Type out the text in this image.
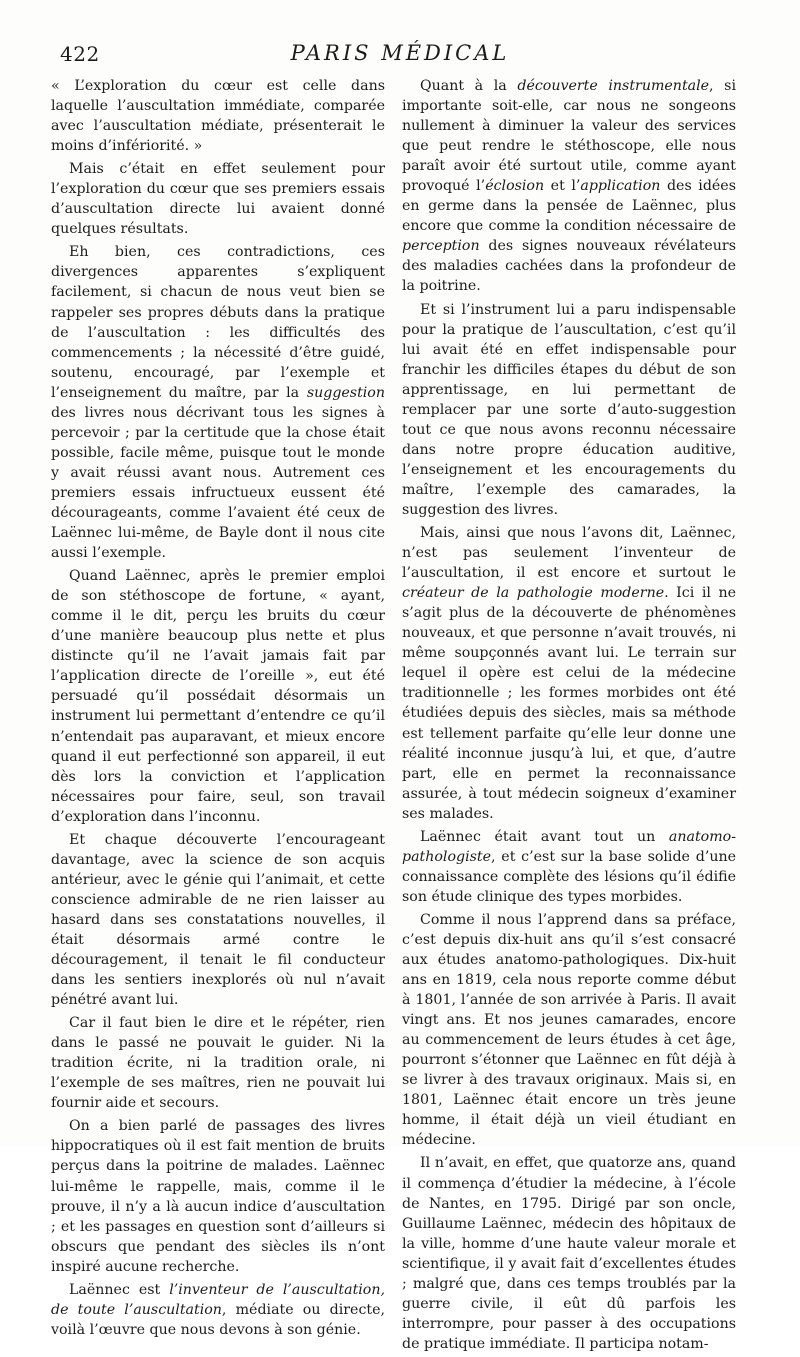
422	PARIS MÉDICAL

« L’exploration du cœur est celle dans laquelle l’auscultation immédiate, comparée avec l’auscultation médiate, présenterait le moins d’infériorité. »

Mais c’était en effet seulement pour l’exploration du cœur que ses premiers essais d’auscultation directe lui avaient donné quelques résultats.

Eh bien, ces contradictions, ces divergences apparentes s’expliquent facilement, si chacun de nous veut bien se rappeler ses propres débuts dans la pratique de l’auscultation : les difficultés des commencements ; la nécessité d’être guidé, soutenu, encouragé, par l’exemple et l’enseignement du maître, par la suggestion des livres nous décrivant tous les signes à percevoir ; par la certitude que la chose était possible, facile même, puisque tout le monde y avait réussi avant nous. Autrement ces premiers essais infructueux eussent été décourageants, comme l’avaient été ceux de Laënnec lui-même, de Bayle dont il nous cite aussi l’exemple.

Quand Laënnec, après le premier emploi de son stéthoscope de fortune, « ayant, comme il le dit, perçu les bruits du cœur d’une manière beaucoup plus nette et plus distincte qu’il ne l’avait jamais fait par l’application directe de l’oreille », eut été persuadé qu’il possédait désormais un instrument lui permettant d’entendre ce qu’il n’entendait pas auparavant, et mieux encore quand il eut perfectionné son appareil, il eut dès lors la conviction et l’application nécessaires pour faire, seul, son travail d’exploration dans l’inconnu.

Et chaque découverte l’encourageant davantage, avec la science de son acquis antérieur, avec le génie qui l’animait, et cette conscience admirable de ne rien laisser au hasard dans ses constatations nouvelles, il était désormais armé contre le découragement, il tenait le fil conducteur dans les sentiers inexplorés où nul n’avait pénétré avant lui.

Car il faut bien le dire et le répéter, rien dans le passé ne pouvait le guider. Ni la tradition écrite, ni la tradition orale, ni l’exemple de ses maîtres, rien ne pouvait lui fournir aide et secours.

On a bien parlé de passages des livres hippocratiques où il est fait mention de bruits perçus dans la poitrine de malades. Laënnec lui-même le rappelle, mais, comme il le prouve, il n’y a là aucun indice d’auscultation ; et les passages en question sont d’ailleurs si obscurs que pendant des siècles ils n’ont inspiré aucune recherche.

Laënnec est l’inventeur de l’auscultation, de toute l’auscultation, médiate ou directe, voilà l’œuvre que nous devons à son génie.

Quant à la découverte instrumentale, si importante soit-elle, car nous ne songeons nullement à diminuer la valeur des services que peut rendre le stéthoscope, elle nous paraît avoir été surtout utile, comme ayant provoqué l’éclosion et l’application des idées en germe dans la pensée de Laënnec, plus encore que comme la condition nécessaire de perception des signes nouveaux révélateurs des maladies cachées dans la profondeur de la poitrine.

Et si l’instrument lui a paru indispensable pour la pratique de l’auscultation, c’est qu’il lui avait été en effet indispensable pour franchir les difficiles étapes du début de son apprentissage, en lui permettant de remplacer par une sorte d’auto-suggestion tout ce que nous avons reconnu nécessaire dans notre propre éducation auditive, l’enseignement et les encouragements du maître, l’exemple des camarades, la suggestion des livres.

Mais, ainsi que nous l’avons dit, Laënnec, n’est pas seulement l’inventeur de l’auscultation, il est encore et surtout le créateur de la pathologie moderne. Ici il ne s’agit plus de la découverte de phénomènes nouveaux, et que personne n’avait trouvés, ni même soupçonnés avant lui. Le terrain sur lequel il opère est celui de la médecine traditionnelle ; les formes morbides ont été étudiées depuis des siècles, mais sa méthode est tellement parfaite qu’elle leur donne une réalité inconnue jusqu’à lui, et que, d’autre part, elle en permet la reconnaissance assurée, à tout médecin soigneux d’examiner ses malades.

Laënnec était avant tout un anatomo-pathologiste, et c’est sur la base solide d’une connaissance complète des lésions qu’il édifie son étude clinique des types morbides.

Comme il nous l’apprend dans sa préface, c’est depuis dix-huit ans qu’il s’est consacré aux études anatomo-pathologiques. Dix-huit ans en 1819, cela nous reporte comme début à 1801, l’année de son arrivée à Paris. Il avait vingt ans. Et nos jeunes camarades, encore au commencement de leurs études à cet âge, pourront s’étonner que Laënnec en fût déjà à se livrer à des travaux originaux. Mais si, en 1801, Laënnec était encore un très jeune homme, il était déjà un vieil étudiant en médecine.

Il n’avait, en effet, que quatorze ans, quand il commença d’étudier la médecine, à l’école de Nantes, en 1795. Dirigé par son oncle, Guillaume Laënnec, médecin des hôpitaux de la ville, homme d’une haute valeur morale et scientifique, il y avait fait d’excellentes études ; malgré que, dans ces temps troublés par la guerre civile, il eût dû parfois les interrompre, pour passer à des occupations de pratique immédiate. Il participa notam-
